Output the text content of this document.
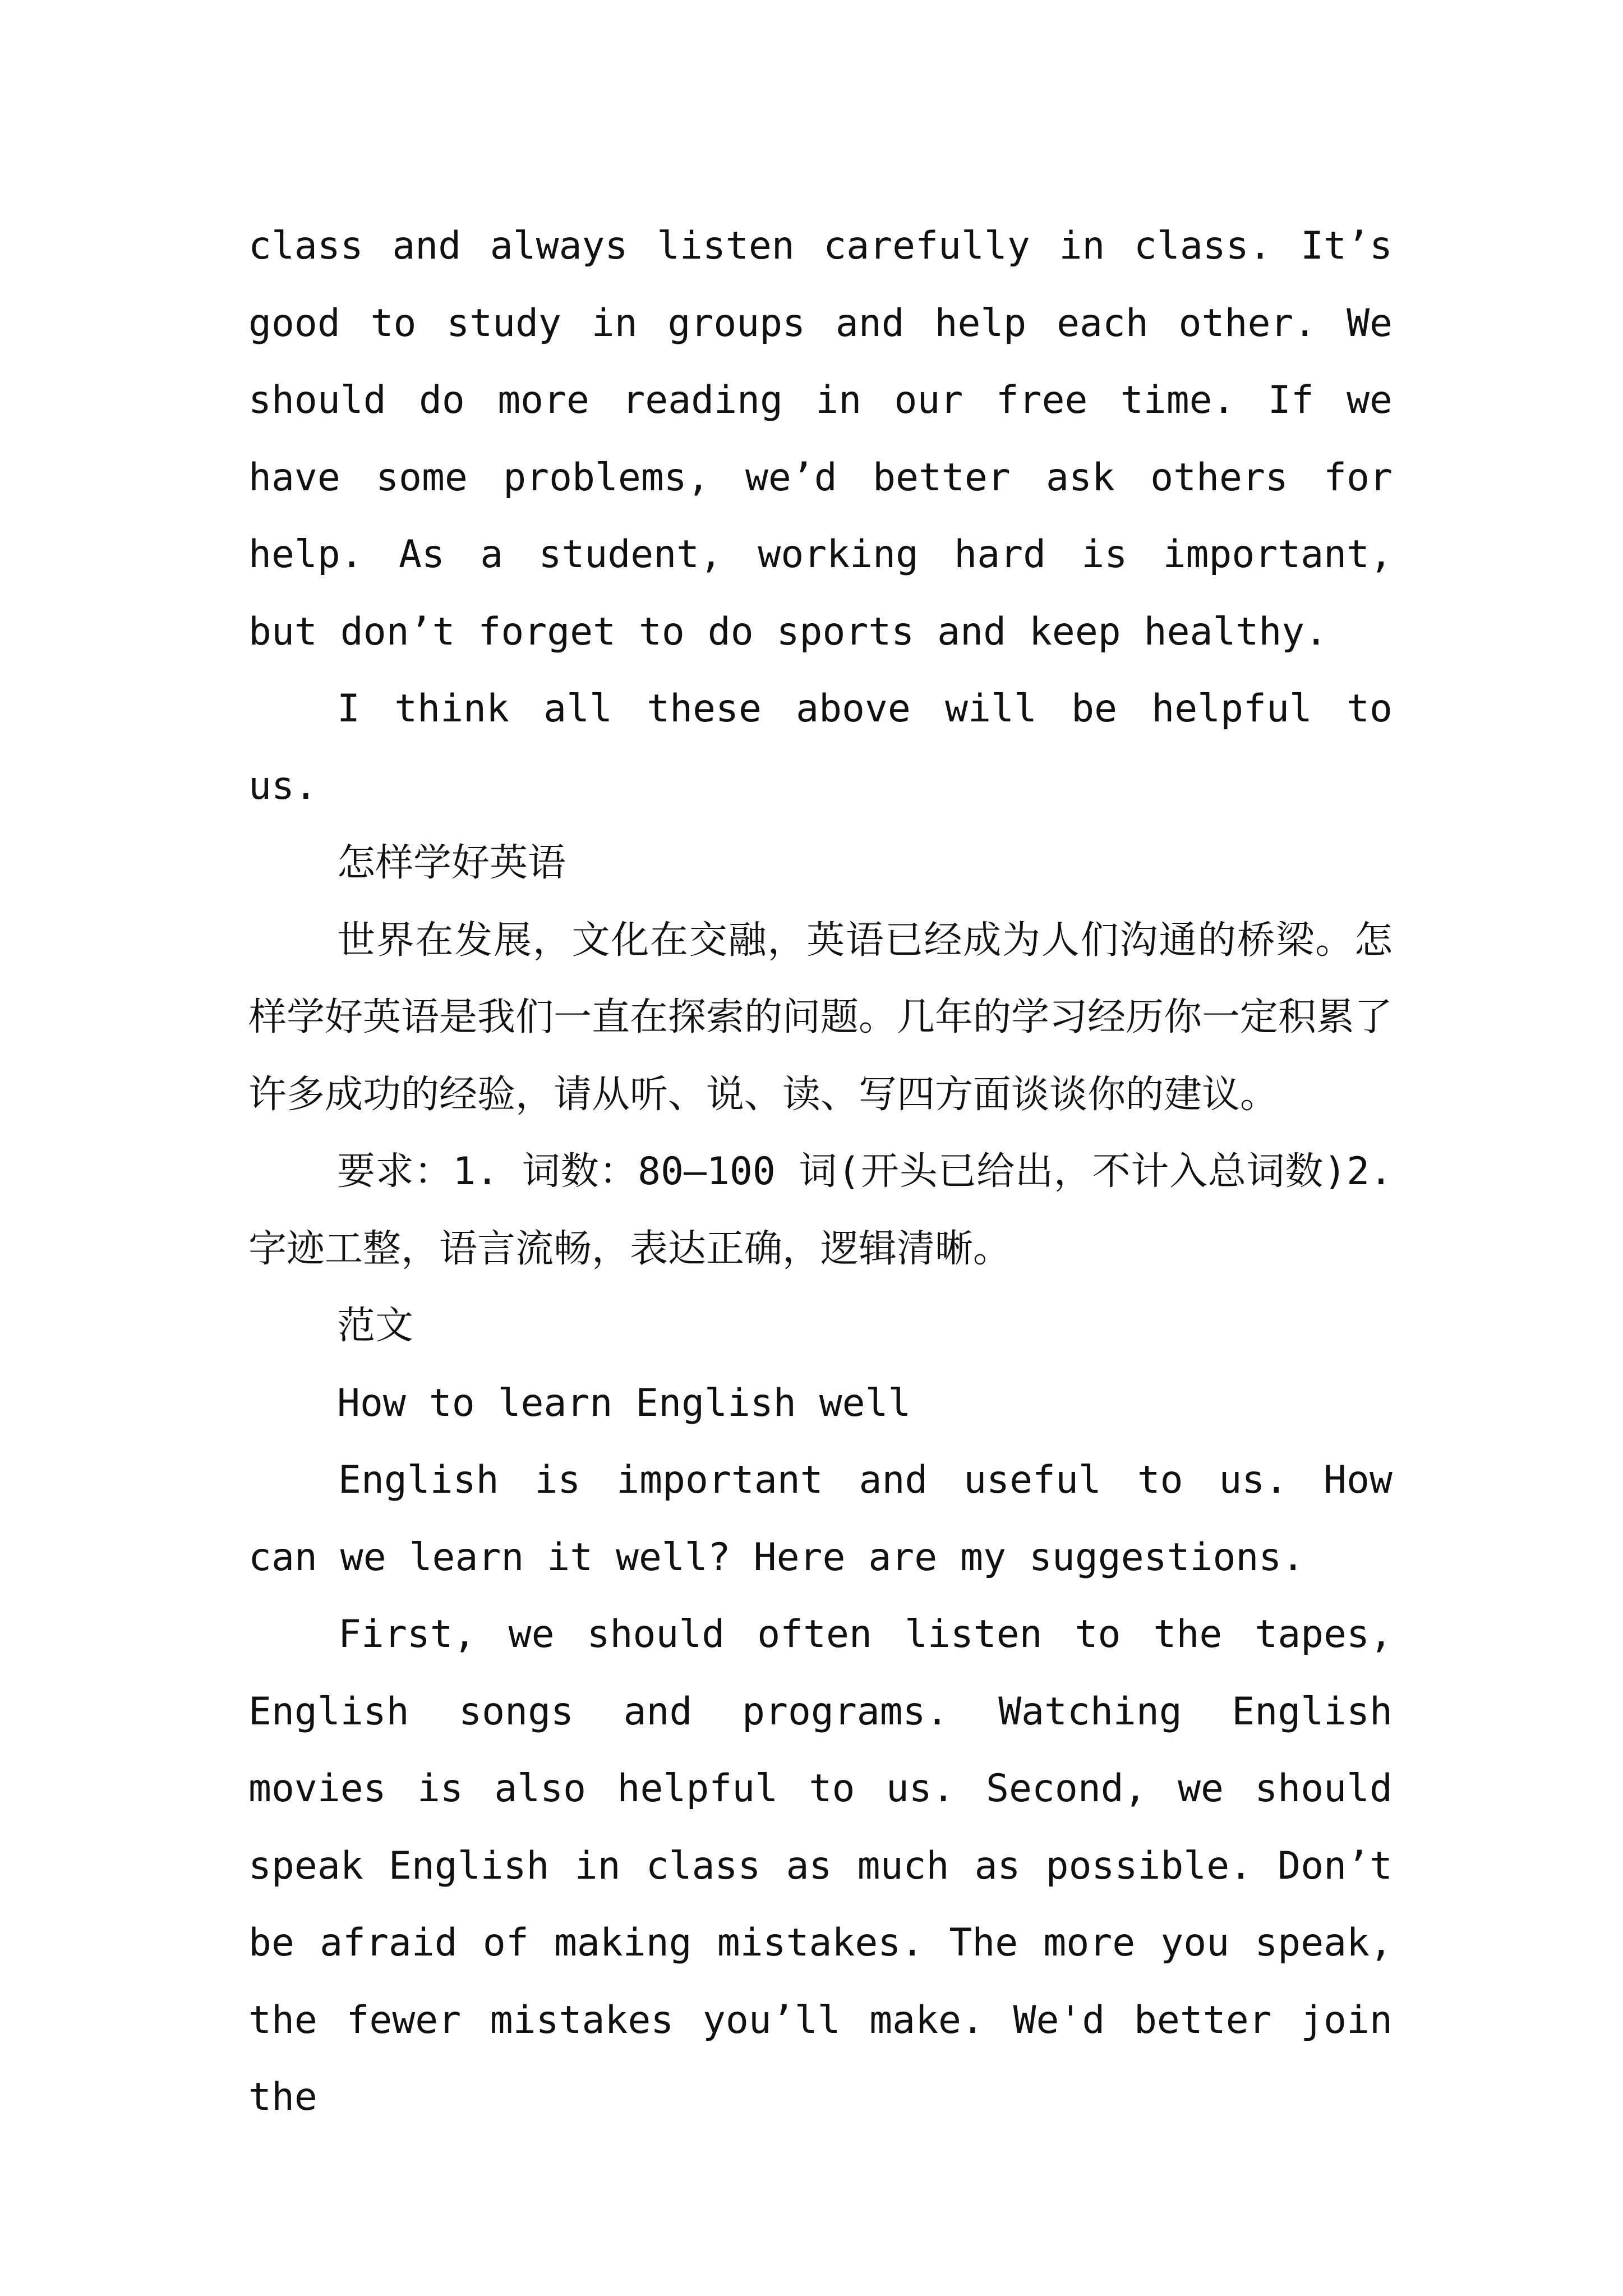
class and always listen carefully in class. It’s good to study in groups and help each other. We should do more reading in our free time. If we have some problems, we’d better ask others for help. As a student, working hard is important, but don’t forget to do sports and keep healthy.

I think all these above will be helpful to us.

怎样学好英语

世界在发展，文化在交融，英语已经成为人们沟通的桥梁。怎样学好英语是我们一直在探索的问题。几年的学习经历你一定积累了许多成功的经验，请从听、说、读、写四方面谈谈你的建议。

要求：1. 词数：80—100 词(开头已给出，不计入总词数)2. 字迹工整，语言流畅，表达正确，逻辑清晰。

范文

How to learn English well

English is important and useful to us. How can we learn it well? Here are my suggestions.

First, we should often listen to the tapes, English songs and programs. Watching English movies is also helpful to us. Second, we should speak English in class as much as possible. Don’t be afraid of making mistakes. The more you speak, the fewer mistakes you’ll make. We'd better join the
